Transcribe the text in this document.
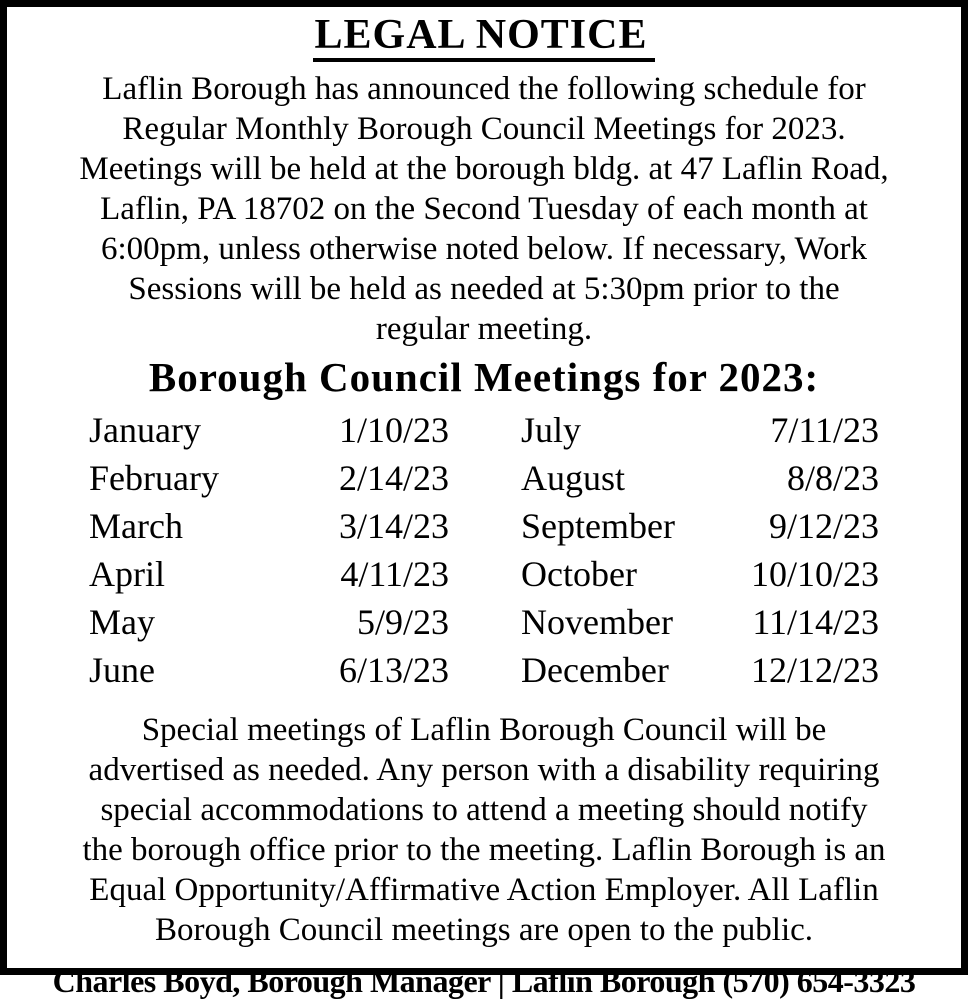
LEGAL NOTICE
Laflin Borough has announced the following schedule for
Regular Monthly Borough Council Meetings for 2023.
Meetings will be held at the borough bldg. at 47 Laflin Road,
Laflin, PA 18702 on the Second Tuesday of each month at
6:00pm, unless otherwise noted below. If necessary, Work
Sessions will be held as needed at 5:30pm prior to the
regular meeting.
Borough Council Meetings for 2023:
January	1/10/23 July	7/11/23
February	2/14/23 August	8/8/23
March	3/14/23 September	9/12/23
April	4/11/23 October	10/10/23
May	5/9/23 November	11/14/23
June	6/13/23 December	12/12/23
Special meetings of Laflin Borough Council will be
advertised as needed. Any person with a disability requiring
special accommodations to attend a meeting should notify
the borough office prior to the meeting. Laflin Borough is an
Equal Opportunity/Affirmative Action Employer. All Laflin
Borough Council meetings are open to the public.
Charles Boyd, Borough Manager | Laflin Borough (570) 654-3323
